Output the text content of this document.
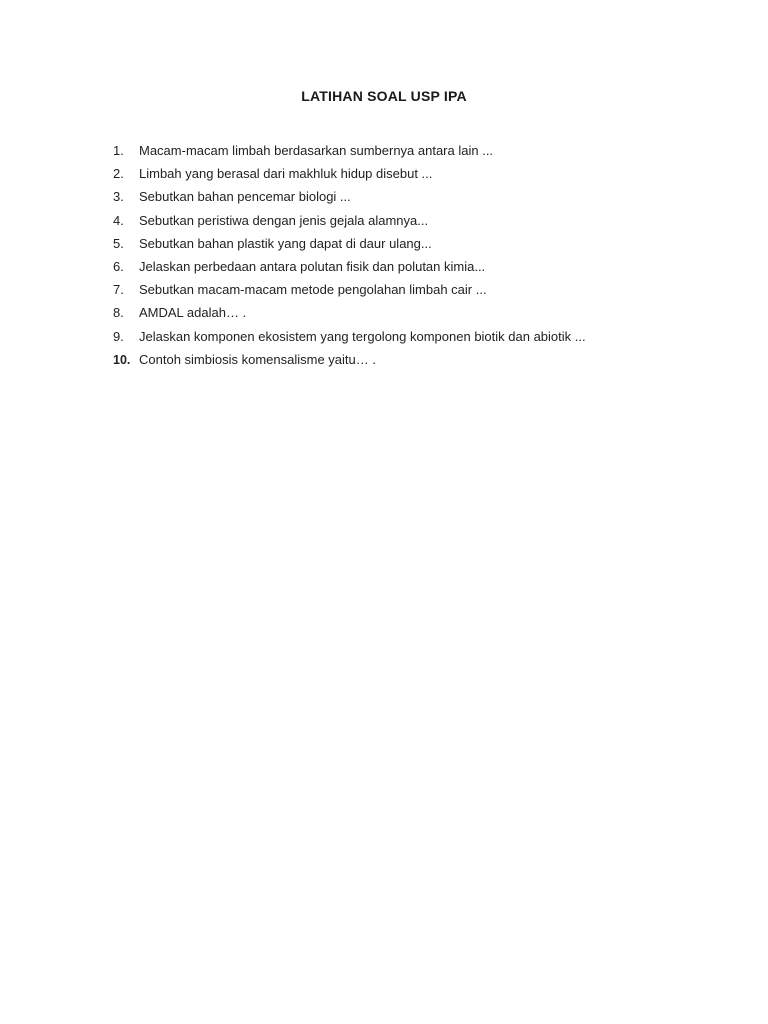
LATIHAN SOAL USP IPA
1.	Macam-macam limbah berdasarkan sumbernya antara lain ...
2.	Limbah yang berasal dari makhluk hidup disebut ...
3.	Sebutkan bahan pencemar biologi ...
4.	Sebutkan peristiwa dengan jenis gejala alamnya...
5.	Sebutkan bahan plastik yang dapat di daur ulang...
6.	Jelaskan perbedaan antara polutan fisik dan polutan kimia...
7.	Sebutkan macam-macam metode pengolahan limbah cair ...
8.	AMDAL adalah… .
9.	Jelaskan komponen ekosistem yang tergolong komponen biotik dan abiotik ...
10. Contoh simbiosis komensalisme yaitu… .
